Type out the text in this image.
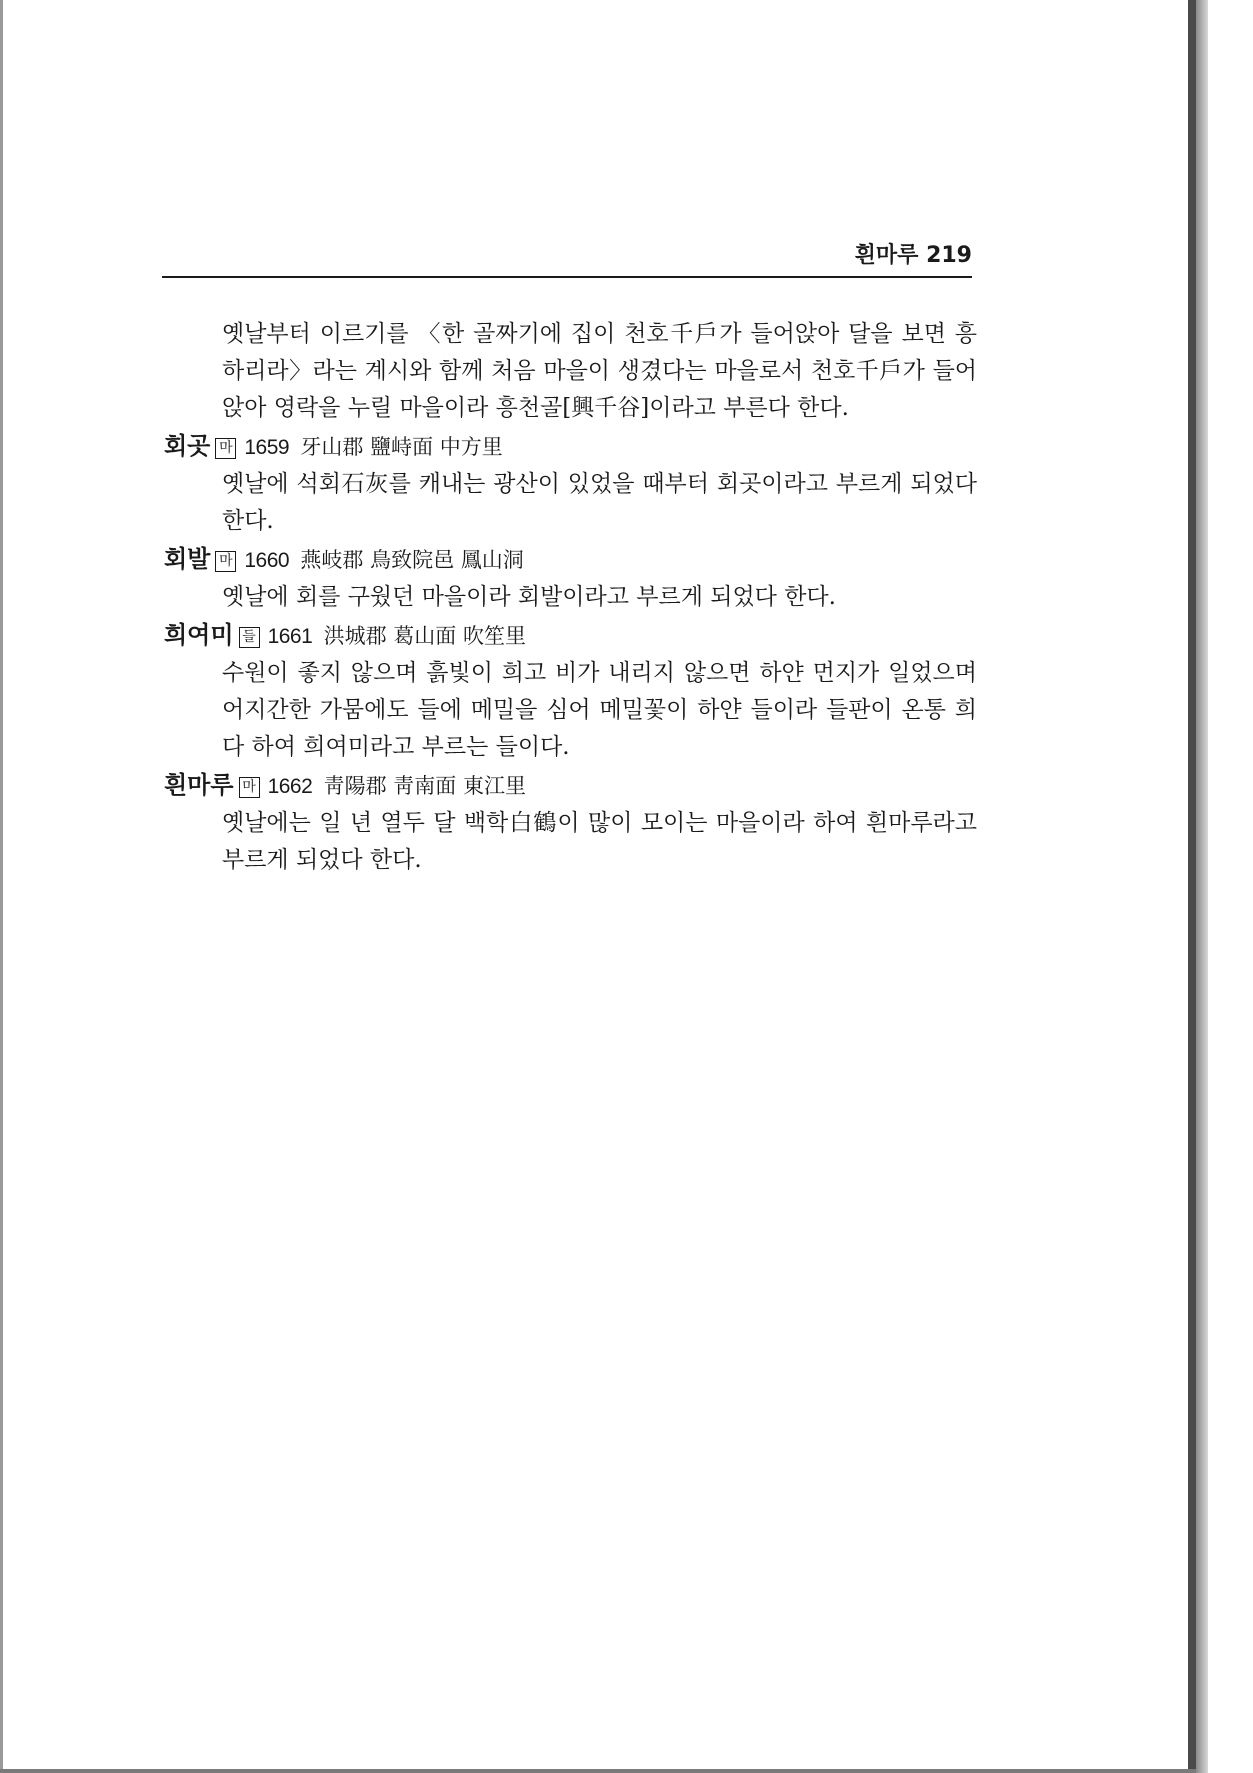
흰마루 219

옛날부터 이르기를 〈한 골짜기에 집이 천호千戶가 들어앉아 달을 보면 흥하리라〉라는 계시와 함께 처음 마을이 생겼다는 마을로서 천호千戶가 들어앉아 영락을 누릴 마을이라 흥천골[興千谷]이라고 부른다 한다.

회곳 마 1659 牙山郡 鹽峙面 中方里

옛날에 석회石灰를 캐내는 광산이 있었을 때부터 회곳이라고 부르게 되었다 한다.

회발 마 1660 燕岐郡 鳥致院邑 鳳山洞

옛날에 회를 구웠던 마을이라 회발이라고 부르게 되었다 한다.

희여미 들 1661 洪城郡 葛山面 吹笙里

수원이 좋지 않으며 흙빛이 희고 비가 내리지 않으면 하얀 먼지가 일었으며 어지간한 가뭄에도 들에 메밀을 심어 메밀꽃이 하얀 들이라 들판이 온통 희다 하여 희여미라고 부르는 들이다.

흰마루 마 1662 靑陽郡 靑南面 東江里

옛날에는 일 년 열두 달 백학白鶴이 많이 모이는 마을이라 하여 흰마루라고 부르게 되었다 한다.
